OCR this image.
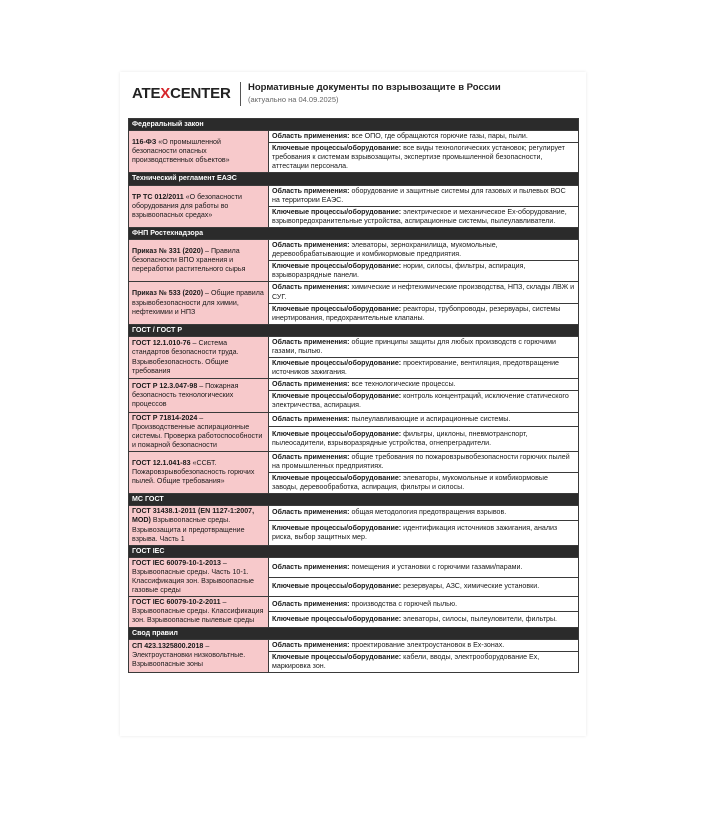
ATEXCENTER Нормативные документы по взрывозащите в России
(актуально на 04.09.2025)
Федеральный закон	
116-ФЗ «О промышленной безопасности опасных производственных объектов»	Область применения: все ОПО, где обращаются горючие газы, пары, пыли.
	Ключевые процессы/оборудование: все виды технологических установок; регулирует требования к системам взрывозащиты, экспертизе промышленной безопасности, аттестации персонала.
Технический регламент ЕАЭС	
ТР ТС 012/2011 «О безопасности оборудования для работы во взрывоопасных средах»	Область применения: оборудование и защитные системы для газовых и пылевых ВОС на территории ЕАЭС.
	Ключевые процессы/оборудование: электрическое и механическое Ex-оборудование, взрывопредохранительные устройства, аспирационные системы, пылеулавливатели.
ФНП Ростехнадзора	
Приказ № 331 (2020) – Правила безопасности ВПО хранения и переработки растительного сырья	Область применения: элеваторы, зернохранилища, мукомольные, деревообрабатывающие и комбикормовые предприятия.
	Ключевые процессы/оборудование: нории, силосы, фильтры, аспирация, взрыворазрядные панели.
Приказ № 533 (2020) – Общие правила взрывобезопасности для химии, нефтехимии и НПЗ	Область применения: химические и нефтехимические производства, НПЗ, склады ЛВЖ и СУГ.
	Ключевые процессы/оборудование: реакторы, трубопроводы, резервуары, системы инертирования, предохранительные клапаны.
ГОСТ / ГОСТ Р	
ГОСТ 12.1.010-76 – Система стандартов безопасности труда. Взрывобезопасность. Общие требования	Область применения: общие принципы защиты для любых производств с горючими газами, пылью.
	Ключевые процессы/оборудование: проектирование, вентиляция, предотвращение источников зажигания.
ГОСТ Р 12.3.047-98 – Пожарная безопасность технологических процессов	Область применения: все технологические процессы.
	Ключевые процессы/оборудование: контроль концентраций, исключение статического электричества, аспирация.
ГОСТ Р 71814-2024 – Производственные аспирационные системы. Проверка работоспособности и пожарной безопасности	Область применения: пылеулавливающие и аспирационные системы.
	Ключевые процессы/оборудование: фильтры, циклоны, пневмотранспорт, пылеосадители, взрыворазрядные устройства, огнепреградители.
ГОСТ 12.1.041-83 «ССБТ. Пожаровзрывобезопасность горючих пылей. Общие требования»	Область применения: общие требования по пожаровзрывобезопасности горючих пылей на промышленных предприятиях.
	Ключевые процессы/оборудование: элеваторы, мукомольные и комбикормовые заводы, деревообработка, аспирация, фильтры и силосы.
МС ГОСТ	
ГОСТ 31438.1-2011 (EN 1127-1:2007, MOD) Взрывоопасные среды. Взрывозащита и предотвращение взрыва. Часть 1	Область применения: общая методология предотвращения взрывов.
	Ключевые процессы/оборудование: идентификация источников зажигания, анализ риска, выбор защитных мер.
ГОСТ IEC	
ГОСТ IEC 60079-10-1-2013 – Взрывоопасные среды. Часть 10-1. Классификация зон. Взрывоопасные газовые среды	Область применения: помещения и установки с горючими газами/парами.
	Ключевые процессы/оборудование: резервуары, АЗС, химические установки.
ГОСТ IEC 60079-10-2-2011 – Взрывоопасные среды. Классификация зон. Взрывоопасные пылевые среды	Область применения: производства с горючей пылью.
	Ключевые процессы/оборудование: элеваторы, силосы, пылеуловители, фильтры.
Свод правил	
СП 423.1325800.2018 – Электроустановки низковольтные. Взрывоопасные зоны	Область применения: проектирование электроустановок в Ex-зонах.
	Ключевые процессы/оборудование: кабели, вводы, электрооборудование Ex, маркировка зон.
